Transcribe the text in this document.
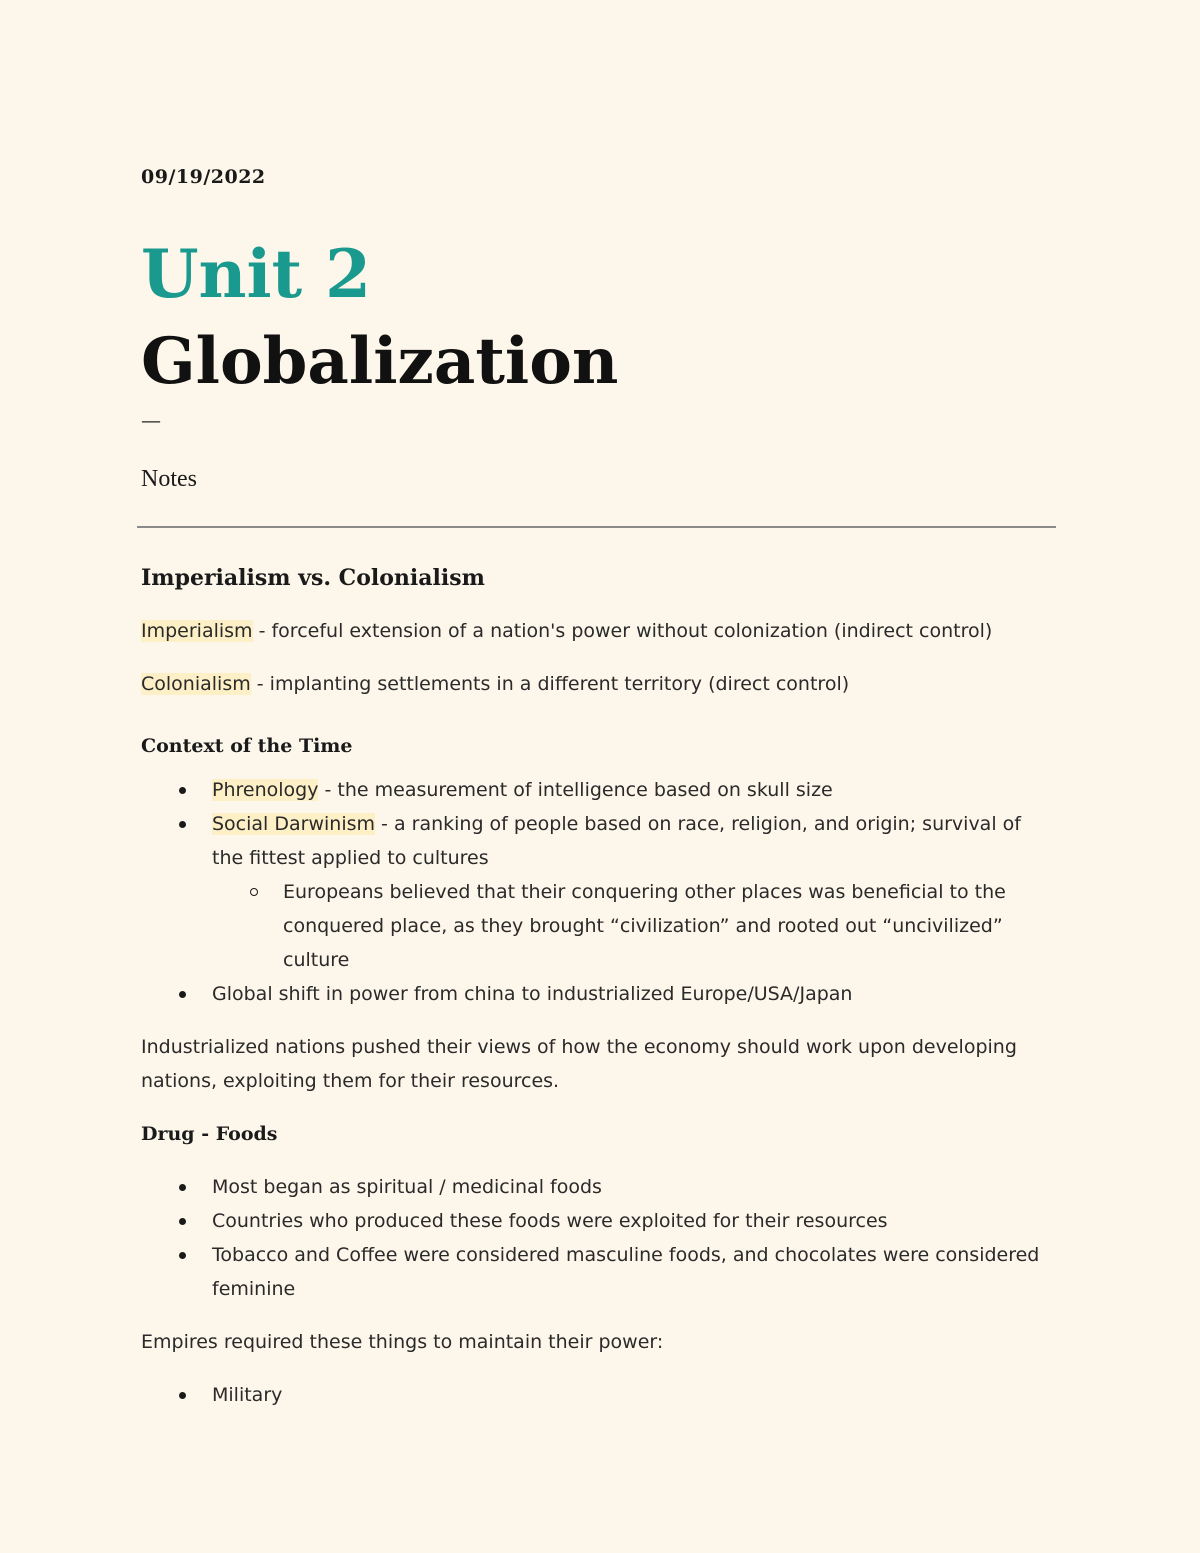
09/19/2022
Unit 2
Globalization
—
Notes
Imperialism vs. Colonialism

Imperialism - forceful extension of a nation's power without colonization (indirect control)

Colonialism - implanting settlements in a different territory (direct control)

Context of the Time
Phrenology - the measurement of intelligence based on skull size
Social Darwinism - a ranking of people based on race, religion, and origin; survival of the fittest applied to cultures
Europeans believed that their conquering other places was beneficial to the conquered place, as they brought “civilization” and rooted out “uncivilized” culture
Global shift in power from china to industrialized Europe/USA/Japan

Industrialized nations pushed their views of how the economy should work upon developing nations, exploiting them for their resources.

Drug - Foods
Most began as spiritual / medicinal foods
Countries who produced these foods were exploited for their resources
Tobacco and Coffee were considered masculine foods, and chocolates were considered feminine

Empires required these things to maintain their power:

Military
